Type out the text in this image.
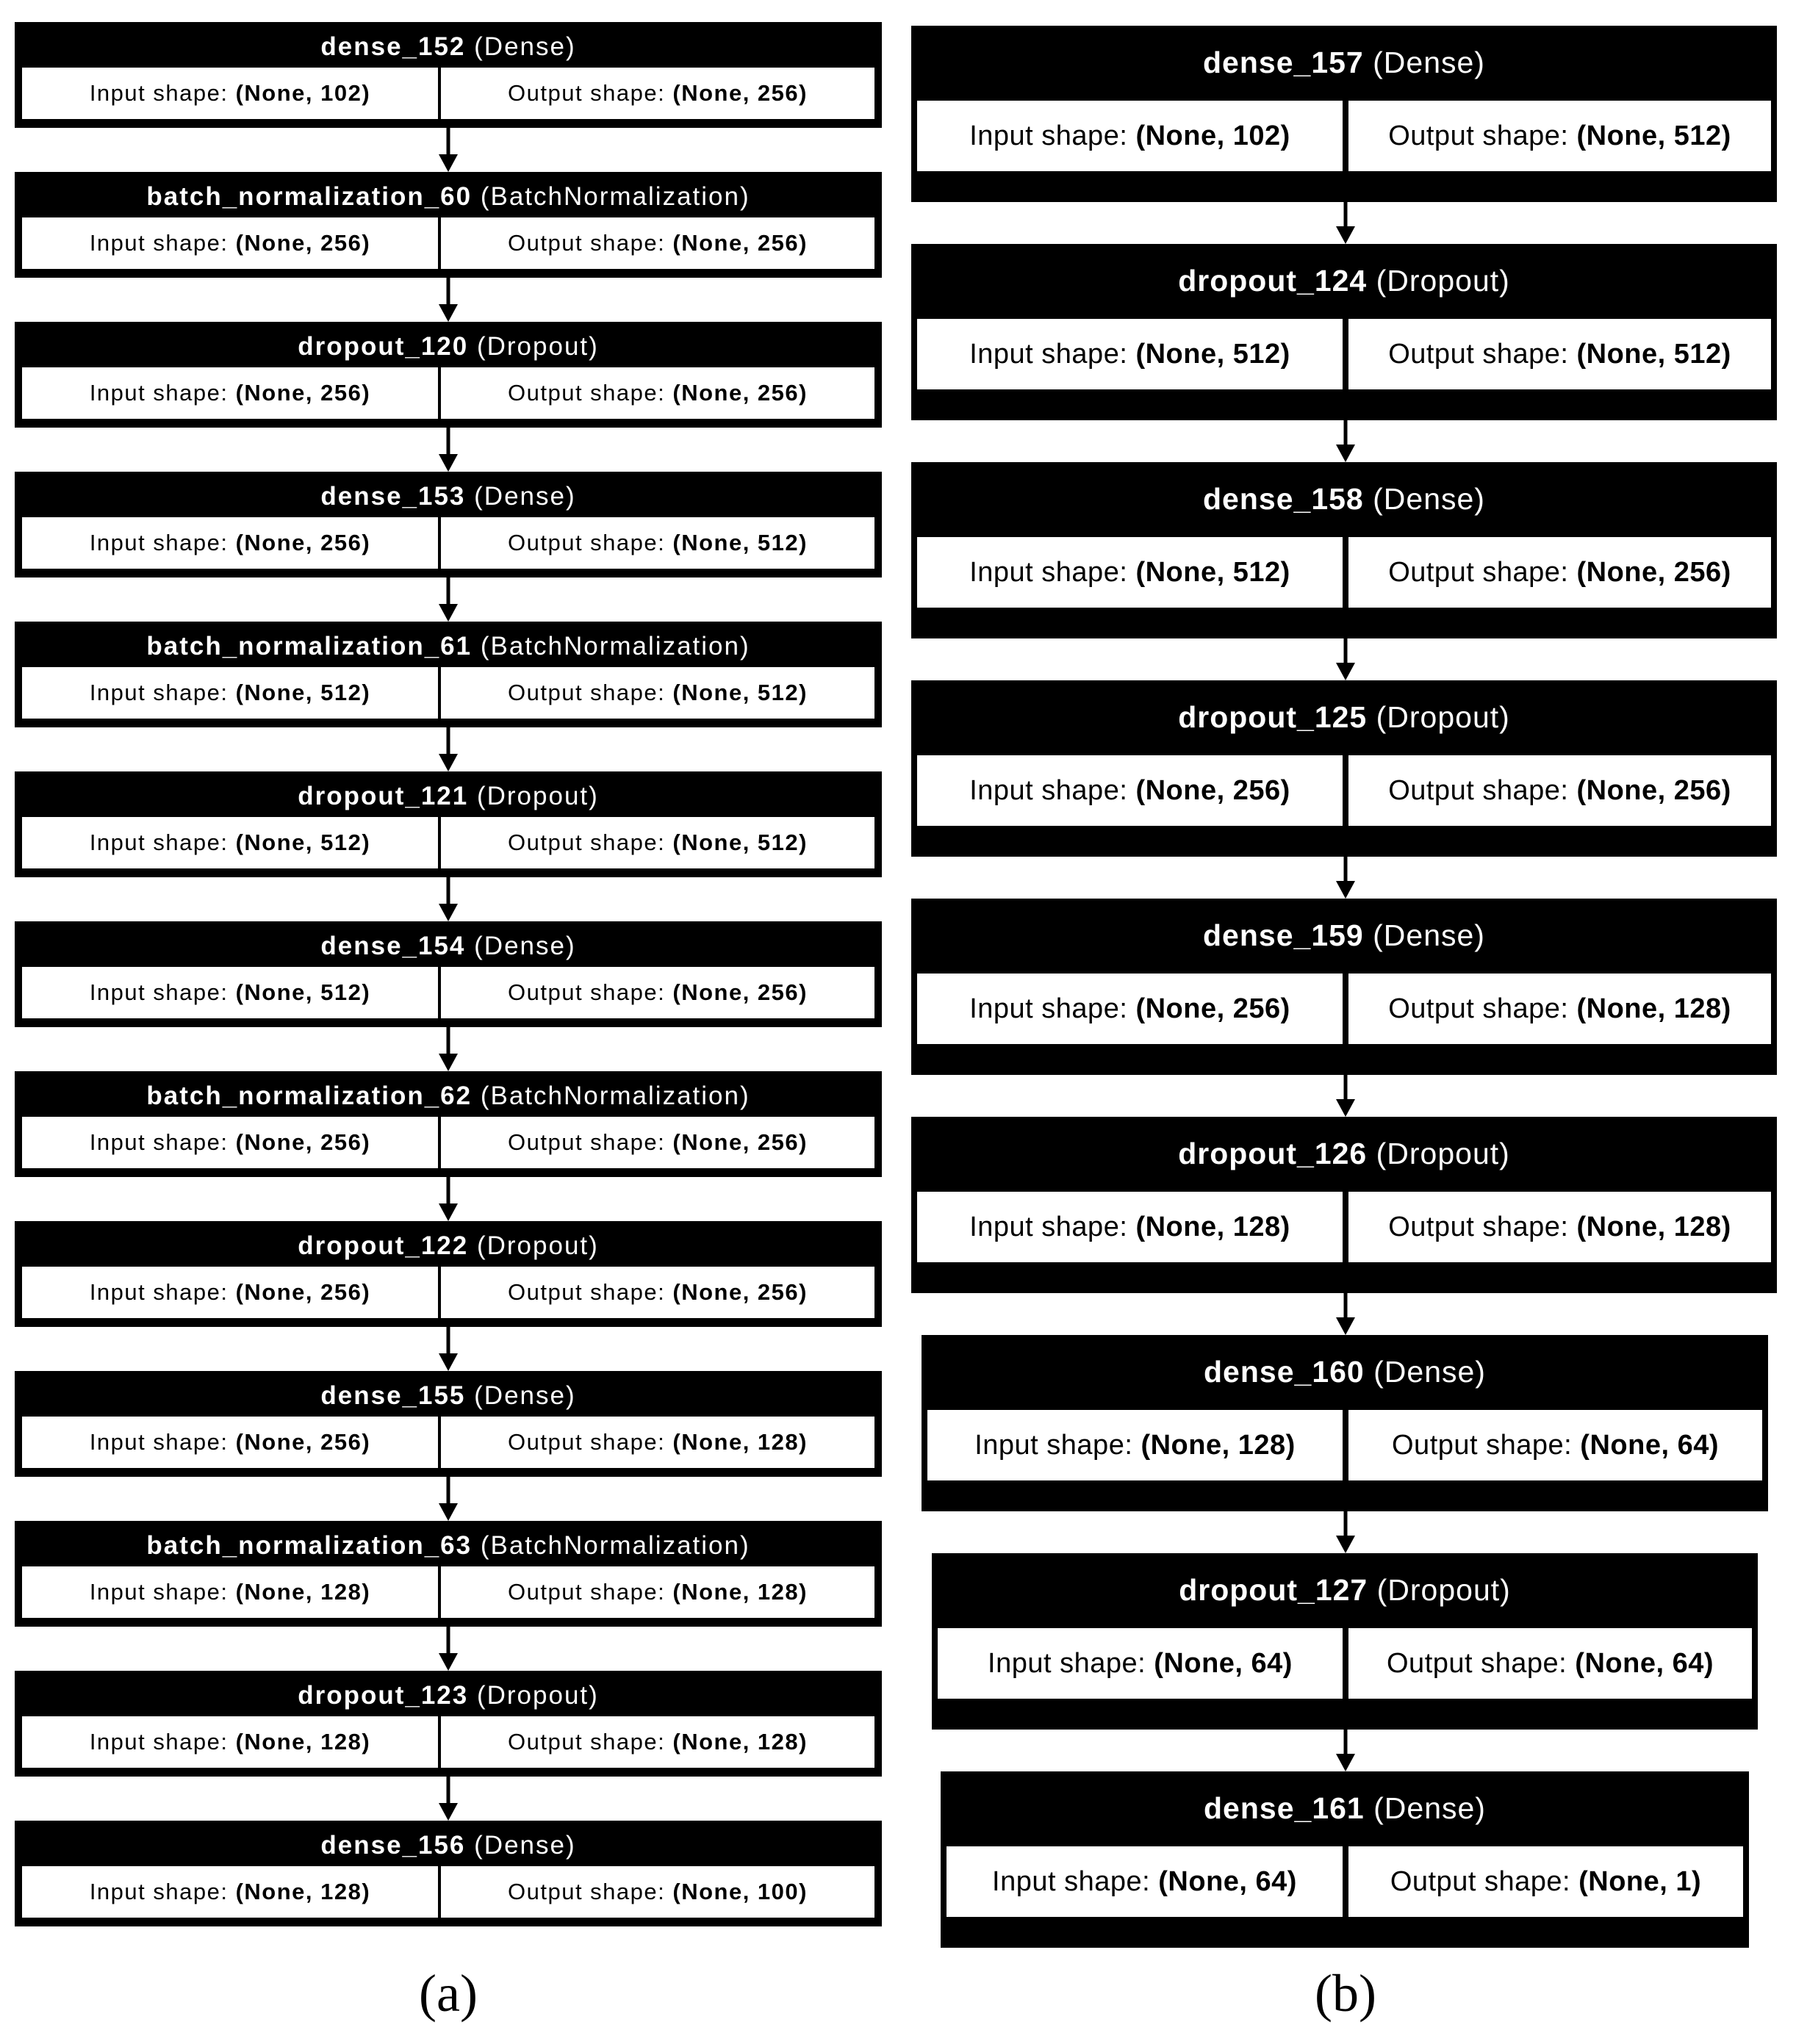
dense_152 (Dense)
Input shape:
(None, 102)	Output shape:
(None, 256)
batch_normalization_60 (BatchNormalization)
Input shape:
(None, 256)	Output shape:
(None, 256)
dropout_120 (Dropout)
Input shape:
(None, 256)	Output shape:
(None, 256)
dense_153 (Dense)
Input shape:
(None, 256)	Output shape:
(None, 512)
batch_normalization_61 (BatchNormalization)
Input shape:
(None, 512)	Output shape:
(None, 512)
dropout_121 (Dropout)
Input shape:
(None, 512)	Output shape:
(None, 512)
dense_154 (Dense)
Input shape:
(None, 512)	Output shape:
(None, 256)
batch_normalization_62 (BatchNormalization)
Input shape:
(None, 256)	Output shape:
(None, 256)
dropout_122 (Dropout)
Input shape:
(None, 256)	Output shape:
(None, 256)
dense_155 (Dense)
Input shape:
(None, 256)	Output shape:
(None, 128)
batch_normalization_63 (BatchNormalization)
Input shape:
(None, 128)	Output shape:
(None, 128)
dropout_123 (Dropout)
Input shape:
(None, 128)	Output shape:
(None, 128)
dense_156 (Dense)
Input shape:
(None, 128)	Output shape:
(None, 100)
(a)
dense_157 (Dense)
Input shape:
(None, 102)	Output shape:
(None, 512)
dropout_124 (Dropout)
Input shape:
(None, 512)	Output shape:
(None, 512)
dense_158 (Dense)
Input shape:
(None, 512)	Output shape:
(None, 256)
dropout_125 (Dropout)
Input shape:
(None, 256)	Output shape:
(None, 256)
dense_159 (Dense)
Input shape:
(None, 256)	Output shape:
(None, 128)
dropout_126 (Dropout)
Input shape:
(None, 128)	Output shape:
(None, 128)
dense_160 (Dense)
Input shape:
(None, 128)	Output shape:
(None, 64)
dropout_127 (Dropout)
Input shape:
(None, 64)	Output shape:
(None, 64)
dense_161 (Dense)
Input shape:
(None, 64)	Output shape:
(None, 1)
(b)
